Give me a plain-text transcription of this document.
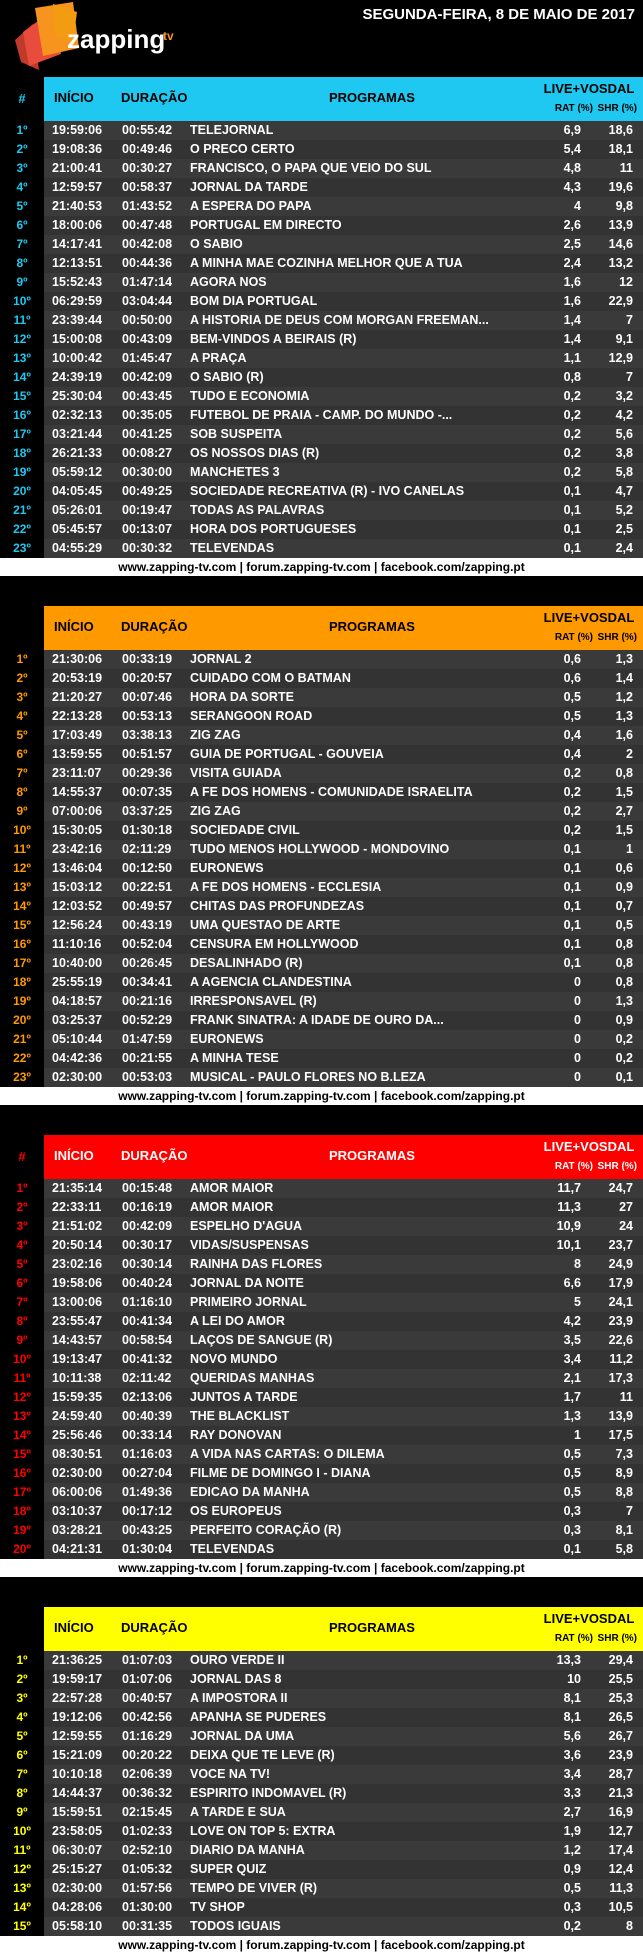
zapping
tv
SEGUNDA-FEIRA, 8 DE MAIO DE 2017
#	INÍCIO DURAÇÃO	PROGRAMAS
LIVE+VOSDAL
RAT (%) SHR (%)
1º	19:59:06 00:55:42 TELEJORNAL	6,9	18,6
2º	19:08:36 00:49:46 O PRECO CERTO	5,4	18,1
3º	21:00:41 00:30:27 FRANCISCO, O PAPA QUE VEIO DO SUL	4,8	11
4º	12:59:57 00:58:37 JORNAL DA TARDE	4,3	19,6
5º	21:40:53 01:43:52 A ESPERA DO PAPA	4	9,8
6º	18:00:06 00:47:48 PORTUGAL EM DIRECTO	2,6	13,9
7º	14:17:41 00:42:08 O SABIO	2,5	14,6
8º	12:13:51 00:44:36 A MINHA MAE COZINHA MELHOR QUE A TUA	2,4	13,2
9º	15:52:43 01:47:14 AGORA NOS	1,6	12
10º	06:29:59 03:04:44 BOM DIA PORTUGAL	1,6	22,9
11º	23:39:44 00:50:00 A HISTORIA DE DEUS COM MORGAN FREEMAN...	1,4	7
12º	15:00:08 00:43:09 BEM-VINDOS A BEIRAIS (R)	1,4	9,1
13º	10:00:42 01:45:47 A PRAÇA	1,1	12,9
14º	24:39:19 00:42:09 O SABIO (R)	0,8	7
15º	25:30:04 00:43:45 TUDO E ECONOMIA	0,2	3,2
16º	02:32:13 00:35:05 FUTEBOL DE PRAIA - CAMP. DO MUNDO -...	0,2	4,2
17º	03:21:44 00:41:25 SOB SUSPEITA	0,2	5,6
18º	26:21:33 00:08:27 OS NOSSOS DIAS (R)	0,2	3,8
19º	05:59:12 00:30:00 MANCHETES 3	0,2	5,8
20º	04:05:45 00:49:25 SOCIEDADE RECREATIVA (R) - IVO CANELAS	0,1	4,7
21º	05:26:01 00:19:47 TODAS AS PALAVRAS	0,1	5,2
22º	05:45:57 00:13:07 HORA DOS PORTUGUESES	0,1	2,5
23º	04:55:29 00:30:32 TELEVENDAS	0,1	2,4
www.zapping-tv.com | forum.zapping-tv.com | facebook.com/zapping.pt
INÍCIO DURAÇÃO	PROGRAMAS
LIVE+VOSDAL
RAT (%) SHR (%)
1º	21:30:06 00:33:19 JORNAL 2	0,6	1,3
2º	20:53:19 00:20:57 CUIDADO COM O BATMAN	0,6	1,4
3º	21:20:27 00:07:46 HORA DA SORTE	0,5	1,2
4º	22:13:28 00:53:13 SERANGOON ROAD	0,5	1,3
5º	17:03:49 03:38:13 ZIG ZAG	0,4	1,6
6º	13:59:55 00:51:57 GUIA DE PORTUGAL - GOUVEIA	0,4	2
7º	23:11:07 00:29:36 VISITA GUIADA	0,2	0,8
8º	14:55:37 00:07:35 A FE DOS HOMENS - COMUNIDADE ISRAELITA	0,2	1,5
9º	07:00:06 03:37:25 ZIG ZAG	0,2	2,7
10º	15:30:05 01:30:18 SOCIEDADE CIVIL	0,2	1,5
11º	23:42:16 02:11:29 TUDO MENOS HOLLYWOOD - MONDOVINO	0,1	1
12º	13:46:04 00:12:50 EURONEWS	0,1	0,6
13º	15:03:12 00:22:51 A FE DOS HOMENS - ECCLESIA	0,1	0,9
14º	12:03:52 00:49:57 CHITAS DAS PROFUNDEZAS	0,1	0,7
15º	12:56:24 00:43:19 UMA QUESTAO DE ARTE	0,1	0,5
16º	11:10:16 00:52:04 CENSURA EM HOLLYWOOD	0,1	0,8
17º	10:40:00 00:26:45 DESALINHADO (R)	0,1	0,8
18º	25:55:19 00:34:41 A AGENCIA CLANDESTINA	0	0,8
19º	04:18:57 00:21:16 IRRESPONSAVEL (R)	0	1,3
20º	03:25:37 00:52:29 FRANK SINATRA: A IDADE DE OURO DA...	0	0,9
21º	05:10:44 01:47:59 EURONEWS	0	0,2
22º	04:42:36 00:21:55 A MINHA TESE	0	0,2
23º	02:30:00 00:53:03 MUSICAL - PAULO FLORES NO B.LEZA	0	0,1
www.zapping-tv.com | forum.zapping-tv.com | facebook.com/zapping.pt
#	INÍCIO DURAÇÃO	PROGRAMAS
LIVE+VOSDAL
RAT (%) SHR (%)
1º	21:35:14 00:15:48 AMOR MAIOR	11,7	24,7
2º	22:33:11 00:16:19 AMOR MAIOR	11,3	27
3º	21:51:02 00:42:09 ESPELHO D'AGUA	10,9	24
4º	20:50:14 00:30:17 VIDAS/SUSPENSAS	10,1	23,7
5º	23:02:16 00:30:14 RAINHA DAS FLORES	8	24,9
6º	19:58:06 00:40:24 JORNAL DA NOITE	6,6	17,9
7º	13:00:06 01:16:10 PRIMEIRO JORNAL	5	24,1
8º	23:55:47 00:41:34 A LEI DO AMOR	4,2	23,9
9º	14:43:57 00:58:54 LAÇOS DE SANGUE (R)	3,5	22,6
10º	19:13:47 00:41:32 NOVO MUNDO	3,4	11,2
11º	10:11:38 02:11:42 QUERIDAS MANHAS	2,1	17,3
12º	15:59:35 02:13:06 JUNTOS A TARDE	1,7	11
13º	24:59:40 00:40:39 THE BLACKLIST	1,3	13,9
14º	25:56:46 00:33:14 RAY DONOVAN	1	17,5
15º	08:30:51 01:16:03 A VIDA NAS CARTAS: O DILEMA	0,5	7,3
16º	02:30:00 00:27:04 FILME DE DOMINGO I - DIANA	0,5	8,9
17º	06:00:06 01:49:36 EDICAO DA MANHA	0,5	8,8
18º	03:10:37 00:17:12 OS EUROPEUS	0,3	7
19º	03:28:21 00:43:25 PERFEITO CORAÇÃO (R)	0,3	8,1
20º	04:21:31 01:30:04 TELEVENDAS	0,1	5,8
www.zapping-tv.com | forum.zapping-tv.com | facebook.com/zapping.pt
INÍCIO DURAÇÃO	PROGRAMAS
LIVE+VOSDAL
RAT (%) SHR (%)
1º	21:36:25 01:07:03 OURO VERDE II	13,3	29,4
2º	19:59:17 01:07:06 JORNAL DAS 8	10	25,5
3º	22:57:28 00:40:57 A IMPOSTORA II	8,1	25,3
4º	19:12:06 00:42:56 APANHA SE PUDERES	8,1	26,5
5º	12:59:55 01:16:29 JORNAL DA UMA	5,6	26,7
6º	15:21:09 00:20:22 DEIXA QUE TE LEVE (R)	3,6	23,9
7º	10:10:18 02:06:39 VOCE NA TV!	3,4	28,7
8º	14:44:37 00:36:32 ESPIRITO INDOMAVEL (R)	3,3	21,3
9º	15:59:51 02:15:45 A TARDE E SUA	2,7	16,9
10º	23:58:05 01:02:33 LOVE ON TOP 5: EXTRA	1,9	12,7
11º	06:30:07 02:52:10 DIARIO DA MANHA	1,2	17,4
12º	25:15:27 01:05:32 SUPER QUIZ	0,9	12,4
13º	02:30:00 01:57:56 TEMPO DE VIVER (R)	0,5	11,3
14º	04:28:06 01:30:00 TV SHOP	0,3	10,5
15º	05:58:10 00:31:35 TODOS IGUAIS	0,2	8
www.zapping-tv.com | forum.zapping-tv.com | facebook.com/zapping.pt
